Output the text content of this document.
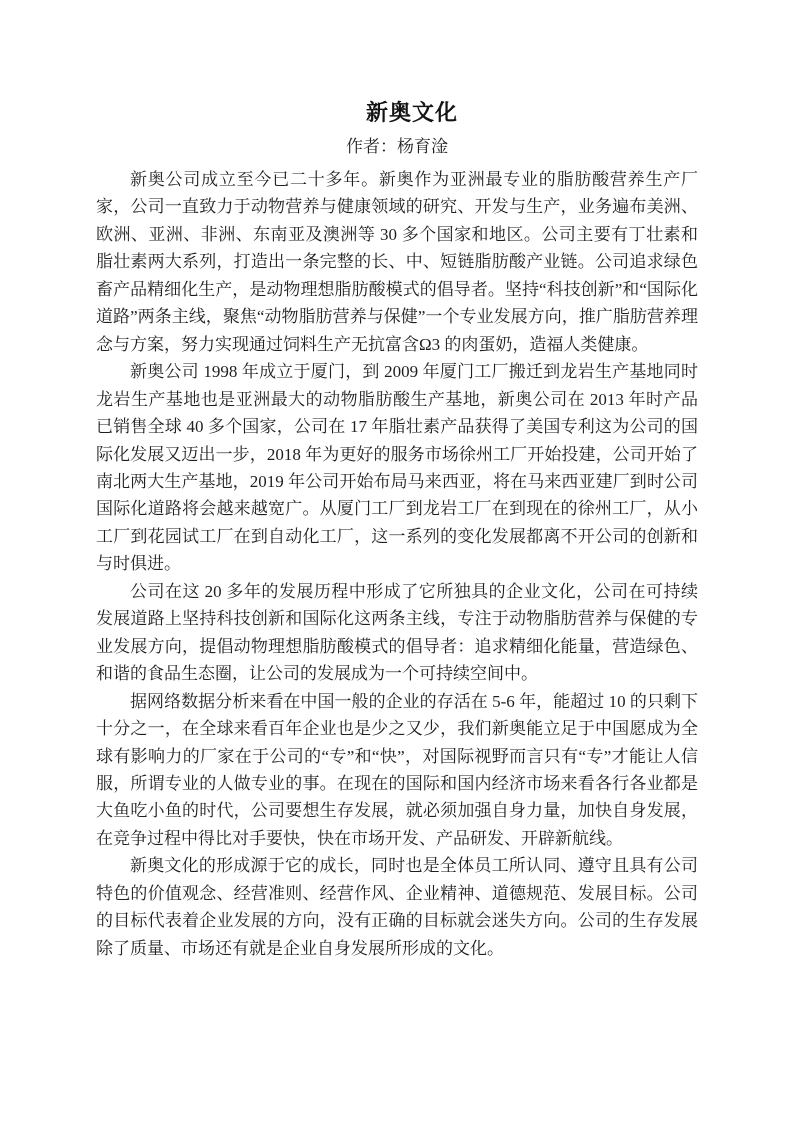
新奥文化
作者：杨育淦

新奥公司成立至今已二十多年。新奥作为亚洲最专业的脂肪酸营养生产厂家，公司一直致力于动物营养与健康领域的研究、开发与生产，业务遍布美洲、欧洲、亚洲、非洲、东南亚及澳洲等 30 多个国家和地区。公司主要有丁壮素和脂壮素两大系列，打造出一条完整的长、中、短链脂肪酸产业链。公司追求绿色畜产品精细化生产，是动物理想脂肪酸模式的倡导者。坚持“科技创新”和“国际化道路”两条主线，聚焦“动物脂肪营养与保健”一个专业发展方向，推广脂肪营养理念与方案，努力实现通过饲料生产无抗富含Ω3 的肉蛋奶，造福人类健康。

新奥公司 1998 年成立于厦门，到 2009 年厦门工厂搬迁到龙岩生产基地同时龙岩生产基地也是亚洲最大的动物脂肪酸生产基地，新奥公司在 2013 年时产品已销售全球 40 多个国家，公司在 17 年脂壮素产品获得了美国专利这为公司的国际化发展又迈出一步，2018 年为更好的服务市场徐州工厂开始投建，公司开始了南北两大生产基地，2019 年公司开始布局马来西亚，将在马来西亚建厂到时公司国际化道路将会越来越宽广。从厦门工厂到龙岩工厂在到现在的徐州工厂，从小工厂到花园试工厂在到自动化工厂，这一系列的变化发展都离不开公司的创新和与时俱进。

公司在这 20 多年的发展历程中形成了它所独具的企业文化，公司在可持续发展道路上坚持科技创新和国际化这两条主线，专注于动物脂肪营养与保健的专业发展方向，提倡动物理想脂肪酸模式的倡导者：追求精细化能量，营造绿色、和谐的食品生态圈，让公司的发展成为一个可持续空间中。

据网络数据分析来看在中国一般的企业的存活在 5-6 年，能超过 10 的只剩下十分之一，在全球来看百年企业也是少之又少，我们新奥能立足于中国愿成为全球有影响力的厂家在于公司的“专”和“快”，对国际视野而言只有“专”才能让人信服，所谓专业的人做专业的事。在现在的国际和国内经济市场来看各行各业都是大鱼吃小鱼的时代，公司要想生存发展，就必须加强自身力量，加快自身发展，在竞争过程中得比对手要快，快在市场开发、产品研发、开辟新航线。

新奥文化的形成源于它的成长，同时也是全体员工所认同、遵守且具有公司特色的价值观念、经营准则、经营作风、企业精神、道德规范、发展目标。公司的目标代表着企业发展的方向，没有正确的目标就会迷失方向。公司的生存发展除了质量、市场还有就是企业自身发展所形成的文化。
